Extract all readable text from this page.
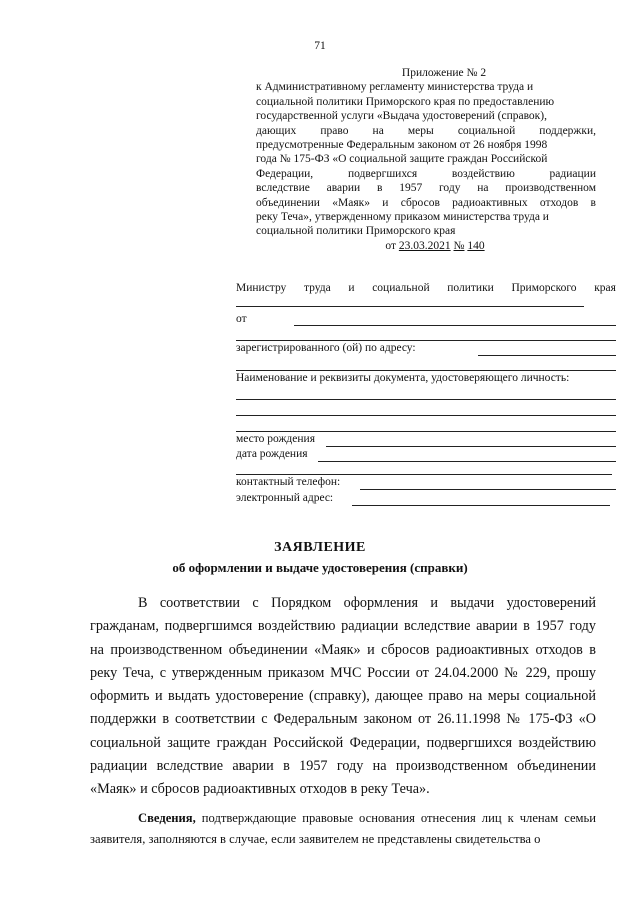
71
Приложение № 2
к Административному регламенту министерства труда и
социальной политики Приморского края по предоставлению
государственной услуги «Выдача удостоверений (справок),
дающих право на меры социальной поддержки,
предусмотренные Федеральным законом от 26 ноября 1998
года № 175-ФЗ «О социальной защите граждан Российской
Федерации, подвергшихся воздействию радиации
вследствие аварии в 1957 году на производственном
объединении «Маяк» и сбросов радиоактивных отходов в
реку Теча», утвержденному приказом министерства труда и
социальной политики Приморского края
от 23.03.2021 № 140
Министру труда и социальной политики Приморского края
от
зарегистрированного (ой) по адресу:
Наименование и реквизиты документа, удостоверяющего личность:
место рождения
дата рождения
контактный телефон:
электронный адрес:
ЗАЯВЛЕНИЕ
об оформлении и выдаче удостоверения (справки)

В соответствии с Порядком оформления и выдачи удостоверений гражданам, подвергшимся воздействию радиации вследствие аварии в 1957 году на производственном объединении «Маяк» и сбросов радиоактивных отходов в реку Теча, с утвержденным приказом МЧС России от 24.04.2000 № 229, прошу оформить и выдать удостоверение (справку), дающее право на меры социальной поддержки в соответствии с Федеральным законом от 26.11.1998 № 175-ФЗ «О социальной защите граждан Российской Федерации, подвергшихся воздействию радиации вследствие аварии в 1957 году на производственном объединении «Маяк» и сбросов радиоактивных отходов в реку Теча».

Сведения, подтверждающие правовые основания отнесения лиц к членам семьи заявителя, заполняются в случае, если заявителем не представлены свидетельства о
